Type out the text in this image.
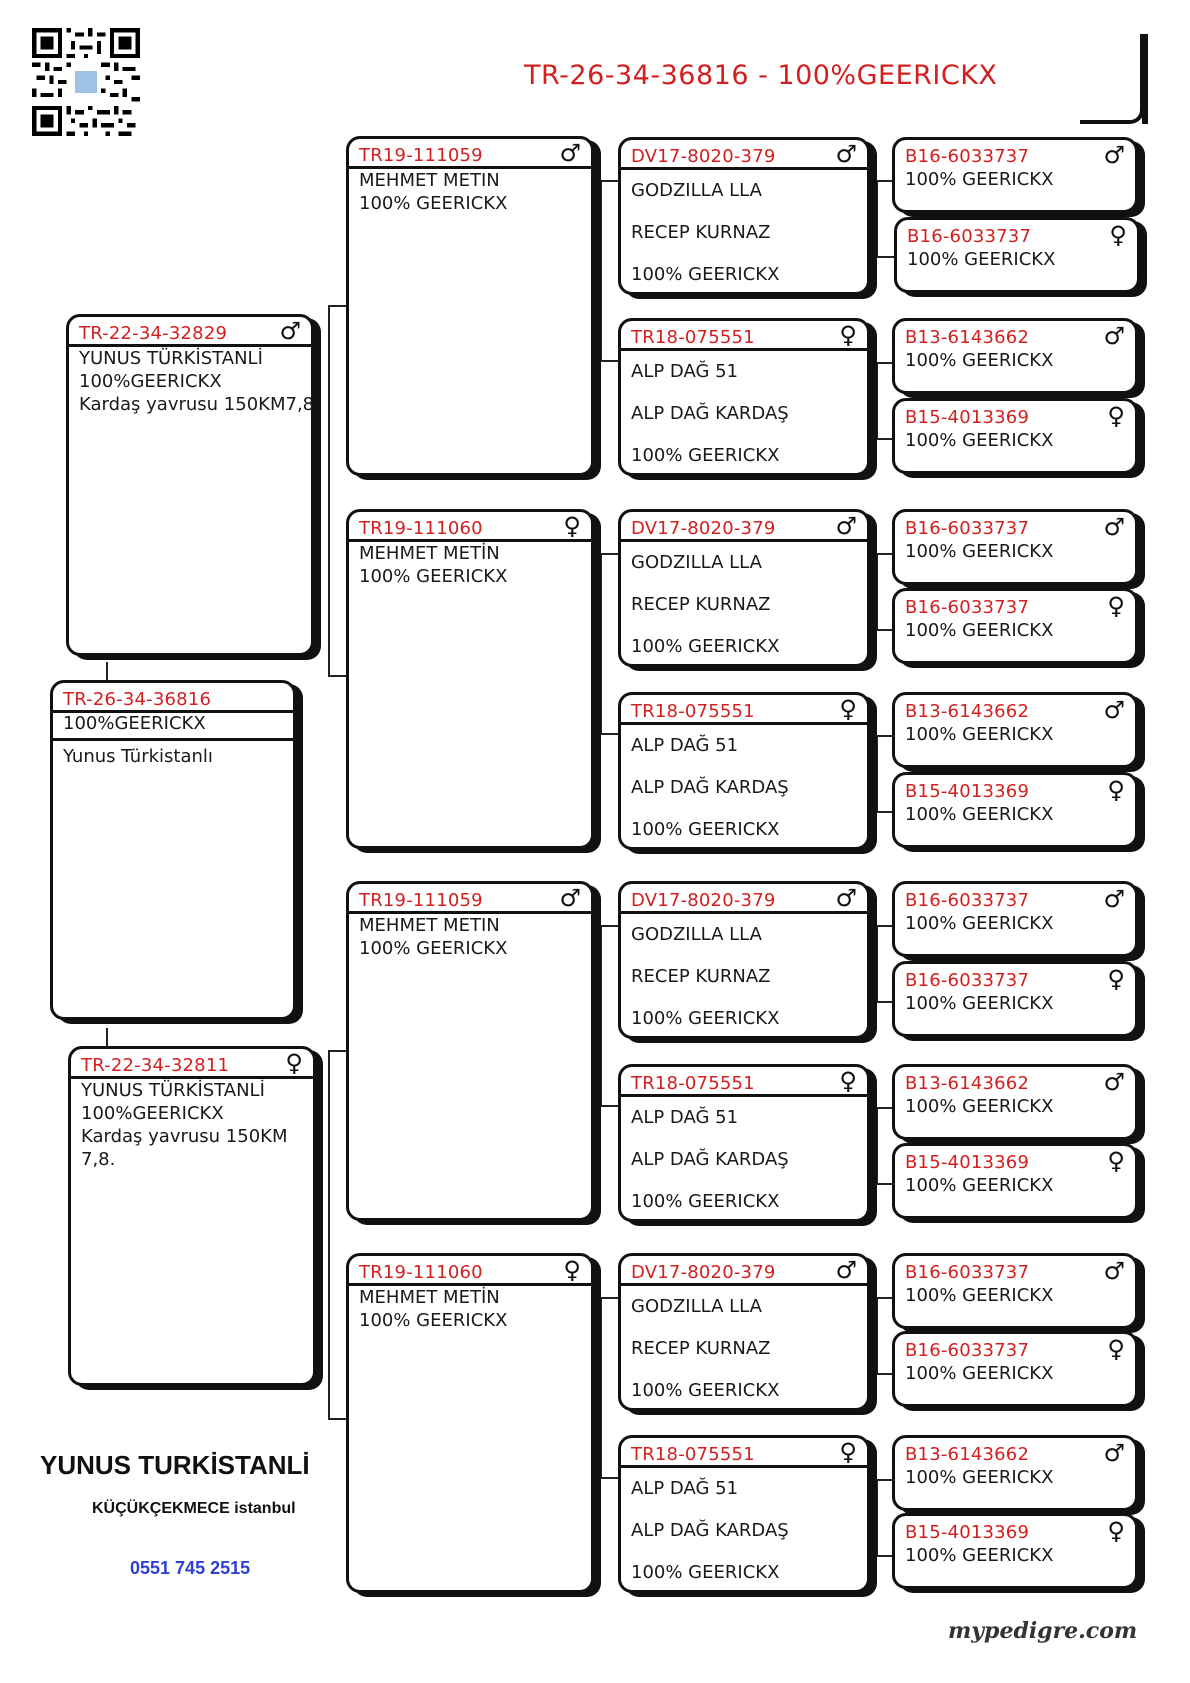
TR-26-34-36816 - 100%GEERICKX
TR-26-34-36816
100%GEERICKX
Yunus Türkistanlı
TR-22-34-32829 ♂
YUNUS TÜRKİSTANLİ
100%GEERICKX
Kardaş yavrusu 150KM7,8.
TR-22-34-32811 ♀
YUNUS TÜRKİSTANLİ
100%GEERICKX
Kardaş yavrusu 150KM
7,8.
TR19-111059	♂
MEHMET METIN
100% GEERICKX
TR19-111060	♀
MEHMET METİN
100% GEERICKX
TR19-111059	♂
MEHMET METIN
100% GEERICKX
TR19-111060	♀
MEHMET METİN
100% GEERICKX
DV17-8020-379 ♂
GODZILLA LLA
RECEP KURNAZ
100% GEERICKX
TR18-075551	♀
ALP DAĞ 51
ALP DAĞ KARDAŞ
100% GEERICKX
DV17-8020-379 ♂
GODZILLA LLA
RECEP KURNAZ
100% GEERICKX
TR18-075551	♀
ALP DAĞ 51
ALP DAĞ KARDAŞ
100% GEERICKX
DV17-8020-379 ♂
GODZILLA LLA
RECEP KURNAZ
100% GEERICKX
TR18-075551	♀
ALP DAĞ 51
ALP DAĞ KARDAŞ
100% GEERICKX
DV17-8020-379 ♂
GODZILLA LLA
RECEP KURNAZ
100% GEERICKX
TR18-075551	♀
ALP DAĞ 51
ALP DAĞ KARDAŞ
100% GEERICKX
B16-6033737	♂
100% GEERICKX
B16-6033737	♀
100% GEERICKX
B13-6143662	♂
100% GEERICKX
B15-4013369	♀
100% GEERICKX
B16-6033737	♂
100% GEERICKX
B16-6033737	♀
100% GEERICKX
B13-6143662	♂
100% GEERICKX
B15-4013369	♀
100% GEERICKX
B16-6033737	♂
100% GEERICKX
B16-6033737	♀
100% GEERICKX
B13-6143662	♂
100% GEERICKX
B15-4013369	♀
100% GEERICKX
B16-6033737	♂
100% GEERICKX
B16-6033737	♀
100% GEERICKX
B13-6143662	♂
100% GEERICKX
B15-4013369	♀
100% GEERICKX
YUNUS TURKİSTANLİ
KÜÇÜKÇEKMECE istanbul
0551 745 2515
mypedigre.com
